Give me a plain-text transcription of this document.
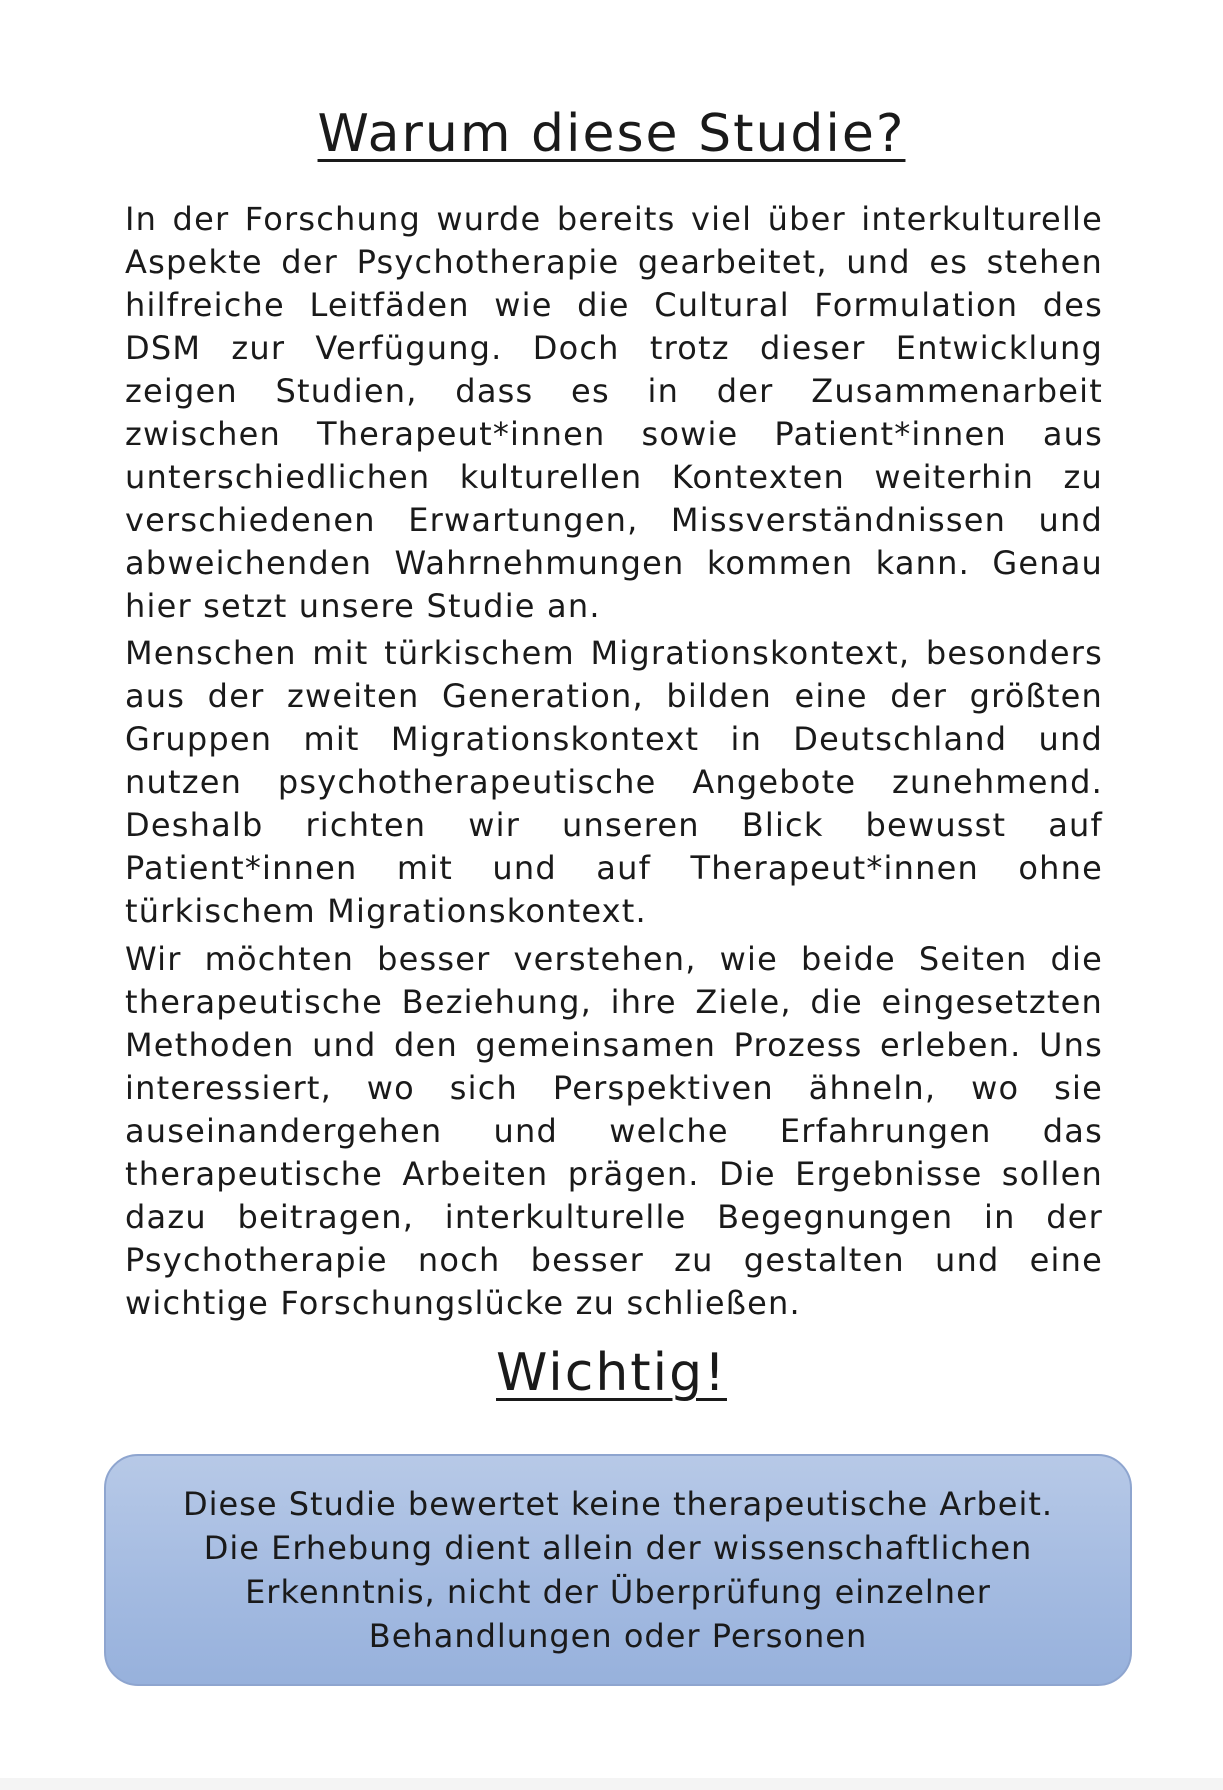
Warum diese Studie?

In der Forschung wurde bereits viel über interkulturelle Aspekte der Psychotherapie gearbeitet, und es stehen hilfreiche Leitfäden wie die Cultural Formulation des DSM zur Verfügung. Doch trotz dieser Entwicklung zeigen Studien, dass es in der Zusammenarbeit zwischen Therapeut*innen sowie Patient*innen aus unterschiedlichen kulturellen Kontexten weiterhin zu verschiedenen Erwartungen, Missverständnissen und abweichenden Wahrnehmungen kommen kann. Genau hier setzt unsere Studie an.

Menschen mit türkischem Migrationskontext, besonders aus der zweiten Generation, bilden eine der größten Gruppen mit Migrationskontext in Deutschland und nutzen psychotherapeutische Angebote zunehmend. Deshalb richten wir unseren Blick bewusst auf Patient*innen mit und auf Therapeut*innen ohne türkischem Migrationskontext.

Wir möchten besser verstehen, wie beide Seiten die therapeutische Beziehung, ihre Ziele, die eingesetzten Methoden und den gemeinsamen Prozess erleben. Uns interessiert, wo sich Perspektiven ähneln, wo sie auseinandergehen und welche Erfahrungen das therapeutische Arbeiten prägen. Die Ergebnisse sollen dazu beitragen, interkulturelle Begegnungen in der Psychotherapie noch besser zu gestalten und eine wichtige Forschungslücke zu schließen.

Wichtig!

Diese Studie bewertet keine therapeutische Arbeit. Die Erhebung dient allein der wissenschaftlichen Erkenntnis, nicht der Überprüfung einzelner Behandlungen oder Personen
